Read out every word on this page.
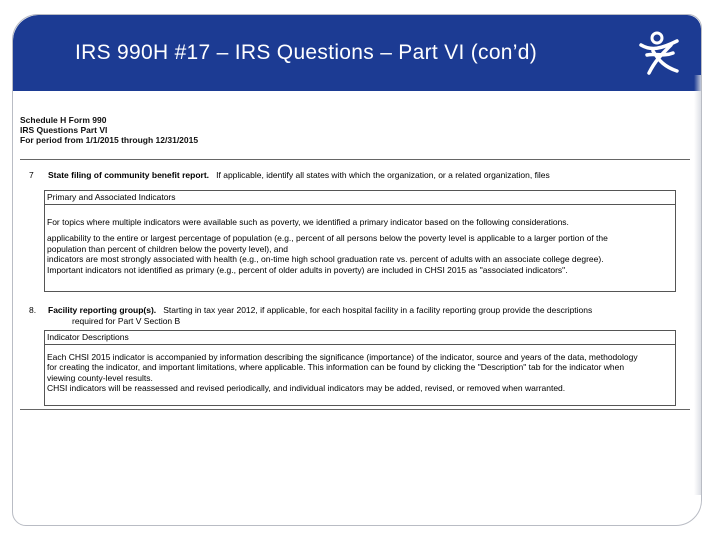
IRS 990H #17 – IRS Questions – Part VI (con’d)
Schedule H Form 990
IRS Questions Part VI
For period from 1/1/2015 through 12/31/2015
7 State filing of community benefit report. If applicable, identify all states with which the organization, or a related organization, files
Primary and Associated Indicators
For topics where multiple indicators were available such as poverty, we identified a primary indicator based on the following considerations.
applicability to the entire or largest percentage of population (e.g., percent of all persons below the poverty level is applicable to a larger portion of the
population than percent of children below the poverty level), and
indicators are most strongly associated with health (e.g., on-time high school graduation rate vs. percent of adults with an associate college degree).
Important indicators not identified as primary (e.g., percent of older adults in poverty) are included in CHSI 2015 as "associated indicators".
8. Facility reporting group(s). Starting in tax year 2012, if applicable, for each hospital facility in a facility reporting group provide the descriptions
required for Part V Section B
Indicator Descriptions
Each CHSI 2015 indicator is accompanied by information describing the significance (importance) of the indicator, source and years of the data, methodology
for creating the indicator, and important limitations, where applicable. This information can be found by clicking the "Description" tab for the indicator when
viewing county-level results.
CHSI indicators will be reassessed and revised periodically, and individual indicators may be added, revised, or removed when warranted.
